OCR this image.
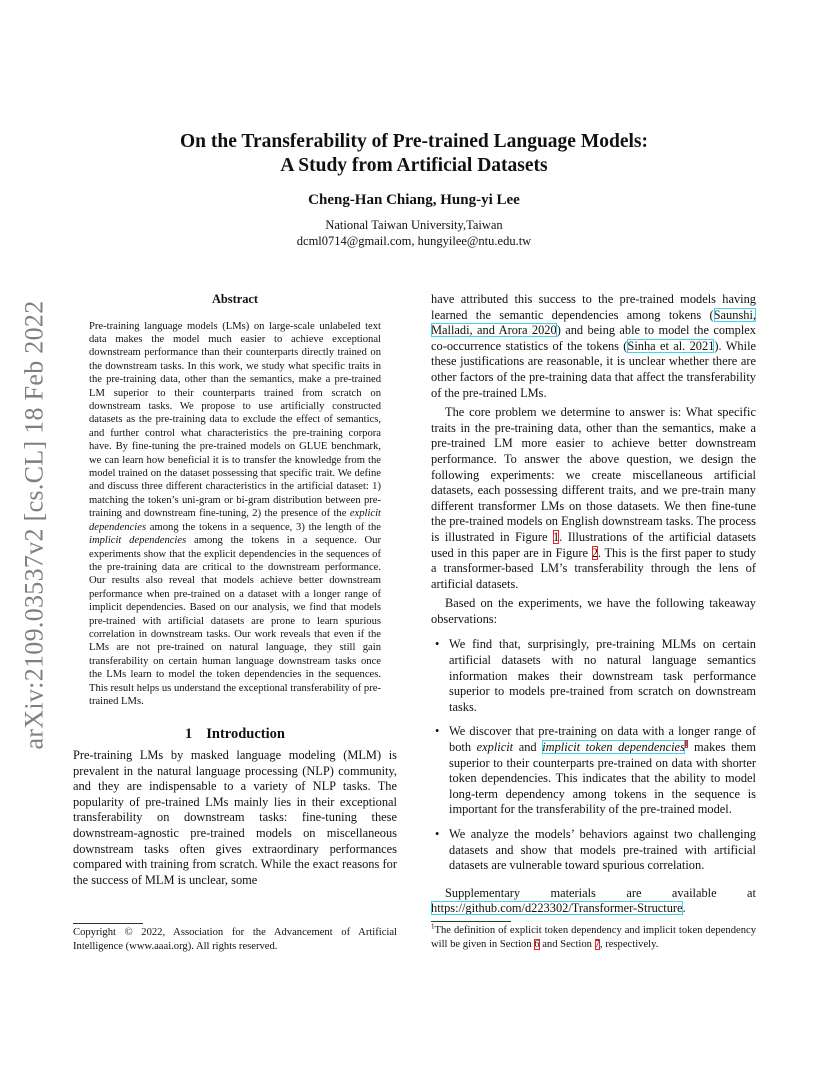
arXiv:2109.03537v2 [cs.CL] 18 Feb 2022
On the Transferability of Pre-trained Language Models:
A Study from Artificial Datasets
Cheng-Han Chiang, Hung-yi Lee
National Taiwan University,Taiwan
dcml0714@gmail.com, hungyilee@ntu.edu.tw
Abstract
Pre-training language models (LMs) on large-scale unlabeled text data makes the model much easier to achieve exceptional downstream performance than their counterparts directly trained on the downstream tasks. In this work, we study what specific traits in the pre-training data, other than the semantics, make a pre-trained LM superior to their counterparts trained from scratch on downstream tasks. We propose to use artificially constructed datasets as the pre-training data to exclude the effect of semantics, and further control what characteristics the pre-training corpora have. By fine-tuning the pre-trained models on GLUE benchmark, we can learn how beneficial it is to transfer the knowledge from the model trained on the dataset possessing that specific trait. We define and discuss three different characteristics in the artificial dataset: 1) matching the token’s uni-gram or bi-gram distribution between pre-training and downstream fine-tuning, 2) the presence of the explicit dependencies among the tokens in a sequence, 3) the length of the implicit dependencies among the tokens in a sequence. Our experiments show that the explicit dependencies in the sequences of the pre-training data are critical to the downstream performance. Our results also reveal that models achieve better downstream performance when pre-trained on a dataset with a longer range of implicit dependencies. Based on our analysis, we find that models pre-trained with artificial datasets are prone to learn spurious correlation in downstream tasks. Our work reveals that even if the LMs are not pre-trained on natural language, they still gain transferability on certain human language downstream tasks once the LMs learn to model the token dependencies in the sequences. This result helps us understand the exceptional transferability of pre-trained LMs.
1 Introduction
Pre-training LMs by masked language modeling (MLM) is prevalent in the natural language processing (NLP) community, and they are indispensable to a variety of NLP tasks. The popularity of pre-trained LMs mainly lies in their exceptional transferability on downstream tasks: fine-tuning these downstream-agnostic pre-trained models on miscellaneous downstream tasks often gives extraordinary performances compared with training from scratch. While the exact reasons for the success of MLM is unclear, some
have attributed this success to the pre-trained models having learned the semantic dependencies among tokens (Saunshi, Malladi, and Arora 2020) and being able to model the complex co-occurrence statistics of the tokens (Sinha et al. 2021). While these justifications are reasonable, it is unclear whether there are other factors of the pre-training data that affect the transferability of the pre-trained LMs.
The core problem we determine to answer is: What specific traits in the pre-training data, other than the semantics, make a pre-trained LM more easier to achieve better downstream performance. To answer the above question, we design the following experiments: we create miscellaneous artificial datasets, each possessing different traits, and we pre-train many different transformer LMs on those datasets. We then fine-tune the pre-trained models on English downstream tasks. The process is illustrated in Figure 1. Illustrations of the artificial datasets used in this paper are in Figure 2. This is the first paper to study a transformer-based LM’s transferability through the lens of artificial datasets.
Based on the experiments, we have the following takeaway observations:
• We find that, surprisingly, pre-training MLMs on certain artificial datasets with no natural language semantics information makes their downstream task performance superior to models pre-trained from scratch on downstream tasks.
• We discover that pre-training on data with a longer range of both explicit and implicit token dependencies$^1$ makes them superior to their counterparts pre-trained on data with shorter token dependencies. This indicates that the ability to model long-term dependency among tokens in the sequence is important for the transferability of the pre-trained model.
• We analyze the models’ behaviors against two challenging datasets and show that models pre-trained with artificial datasets are vulnerable toward spurious correlation.
Supplementary materials are available at https://github.com/d223302/Transformer-Structure.
Copyright © 2022, Association for the Advancement of Artificial Intelligence (www.aaai.org). All rights reserved.
$^1$The definition of explicit token dependency and implicit token dependency will be given in Section 6 and Section 7, respectively.
